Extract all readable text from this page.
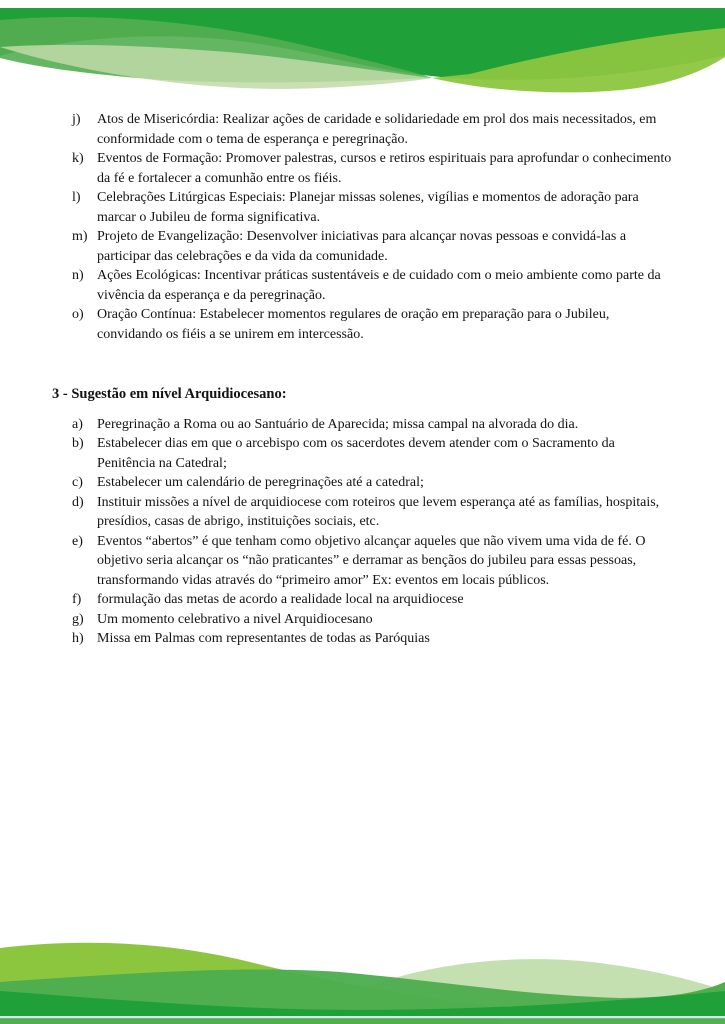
j)	Atos de Misericórdia: Realizar ações de caridade e solidariedade em prol dos mais necessitados, em conformidade com o tema de esperança e peregrinação.
k) Eventos de Formação: Promover palestras, cursos e retiros espirituais para aprofundar o conhecimento da fé e fortalecer a comunhão entre os fiéis.
l)	Celebrações Litúrgicas Especiais: Planejar missas solenes, vigílias e momentos de adoração para marcar o Jubileu de forma significativa.
m) Projeto de Evangelização: Desenvolver iniciativas para alcançar novas pessoas e convidá-las a participar das celebrações e da vida da comunidade.
n) Ações Ecológicas: Incentivar práticas sustentáveis e de cuidado com o meio ambiente como parte da vivência da esperança e da peregrinação.
o) Oração Contínua: Estabelecer momentos regulares de oração em preparação para o Jubileu, convidando os fiéis a se unirem em intercessão.
3 - Sugestão em nível Arquidiocesano:
a)	Peregrinação a Roma ou ao Santuário de Aparecida; missa campal na alvorada do dia.
b) Estabelecer dias em que o arcebispo com os sacerdotes devem atender com o Sacramento da Penitência na Catedral;
c)	Estabelecer um calendário de peregrinações até a catedral;
d) Instituir missões a nível de arquidiocese com roteiros que levem esperança até as famílias, hospitais, presídios, casas de abrigo, instituições sociais, etc.
e)	Eventos “abertos” é que tenham como objetivo alcançar aqueles que não vivem uma vida de fé. O objetivo seria alcançar os “não praticantes” e derramar as bençãos do jubileu para essas pessoas, transformando vidas através do “primeiro amor” Ex: eventos em locais públicos.
f)	formulação das metas de acordo a realidade local na arquidiocese
g) Um momento celebrativo a nivel Arquidiocesano
h) Missa em Palmas com representantes de todas as Paróquias
